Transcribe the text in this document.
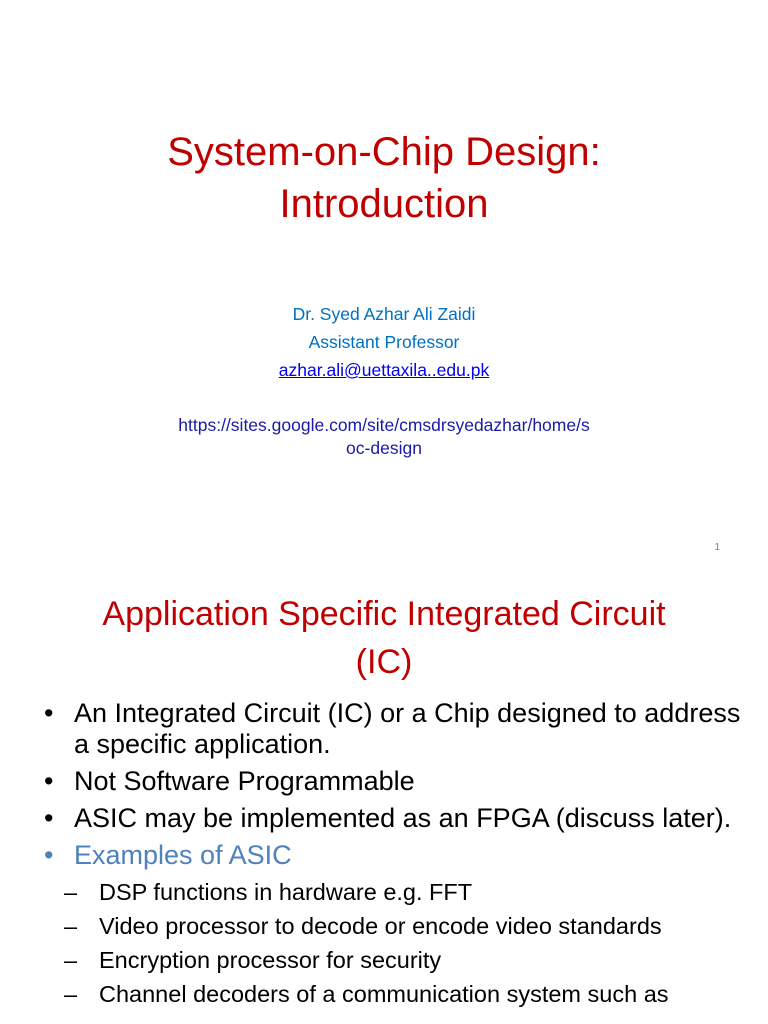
System-on-Chip Design:
Introduction
Dr. Syed Azhar Ali Zaidi
Assistant Professor
azhar.ali@uettaxila..edu.pk
https://sites.google.com/site/cmsdrsyedazhar/home/s
oc-design
1
Application Specific Integrated Circuit
(IC)
• An Integrated Circuit (IC) or a Chip designed to address a specific application.
• Not Software Programmable
• ASIC may be implemented as an FPGA (discuss later).
• Examples of ASIC
– DSP functions in hardware e.g. FFT
– Video processor to decode or encode video standards
– Encryption processor for security
– Channel decoders of a communication system such as
